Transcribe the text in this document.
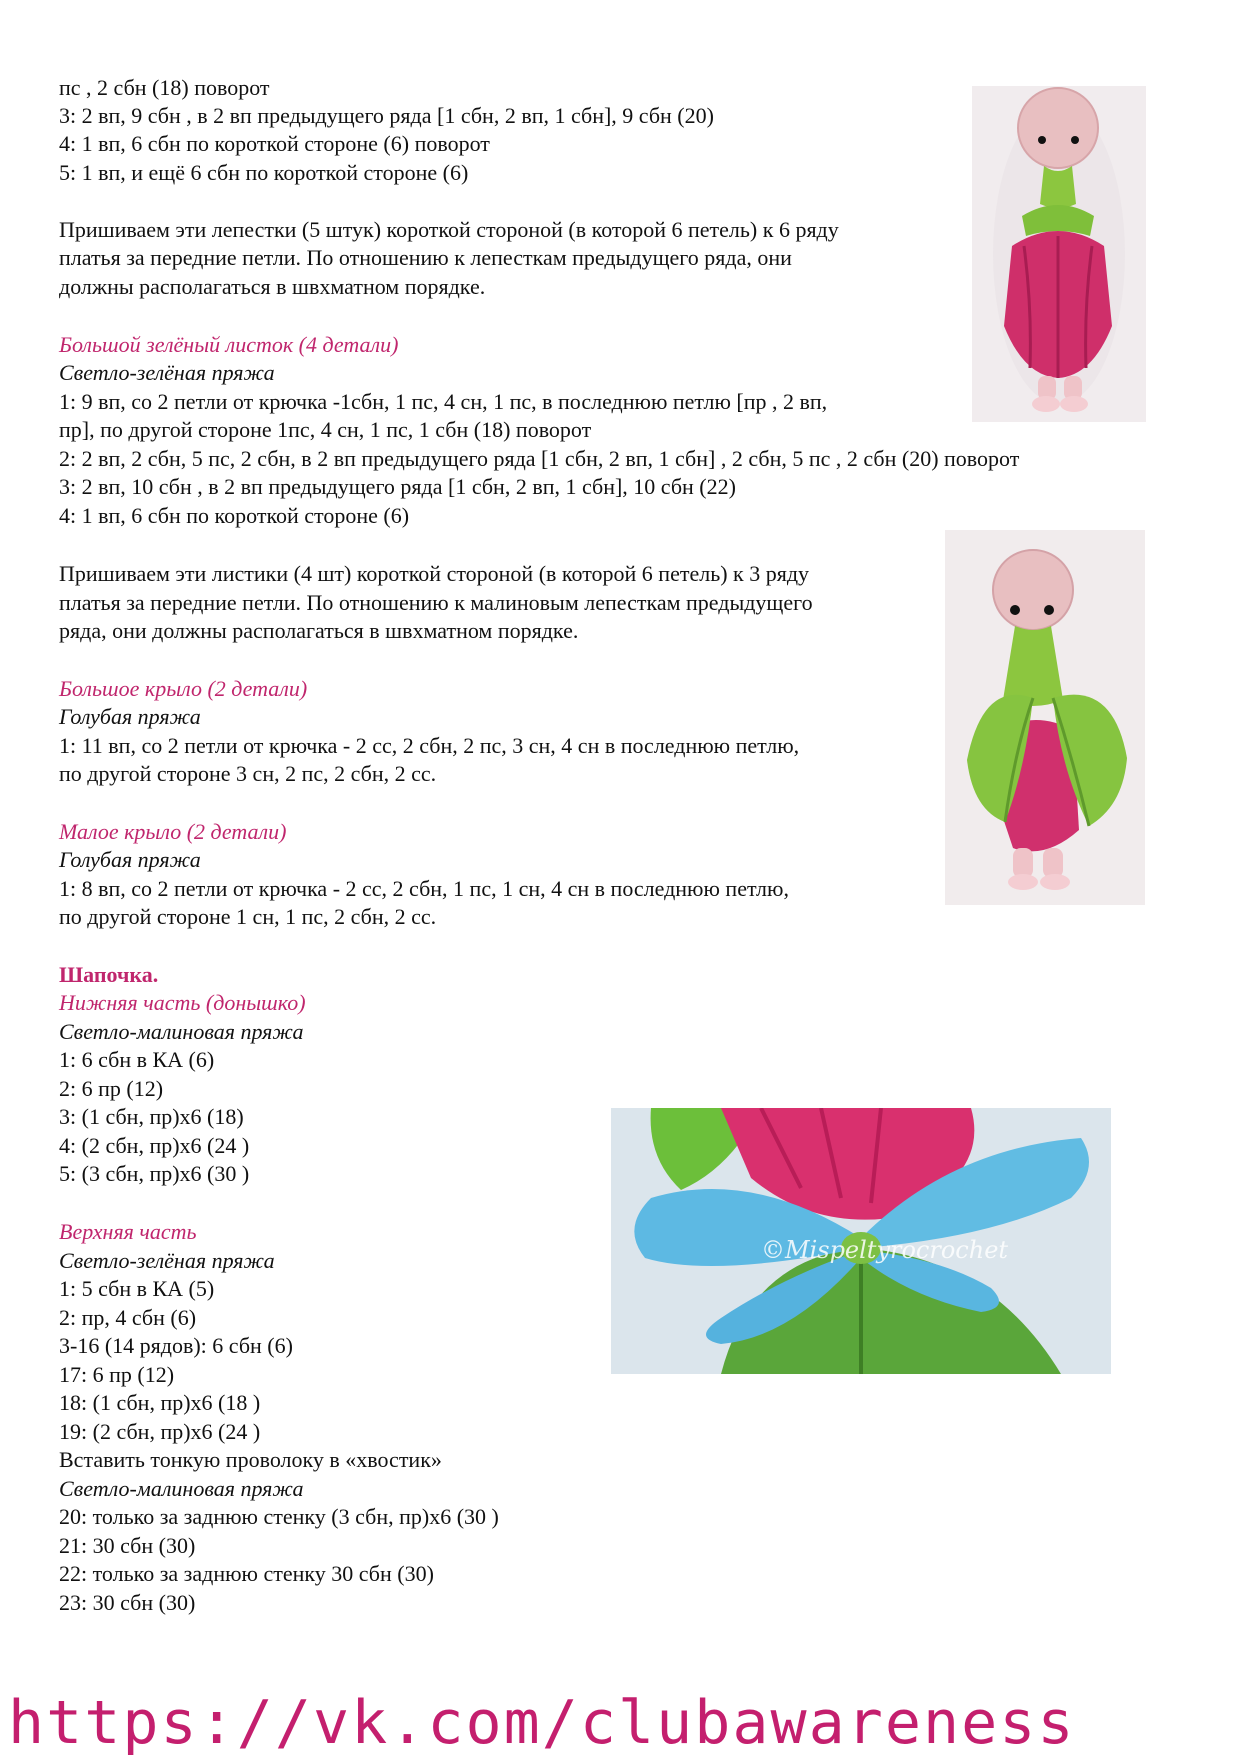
пс , 2 сбн (18) поворот
3: 2 вп, 9 сбн , в 2 вп предыдущего ряда [1 сбн, 2 вп, 1 сбн], 9 сбн (20)
4: 1 вп, 6 сбн по короткой стороне (6) поворот
5: 1 вп, и ещё 6 сбн по короткой стороне (6)
Пришиваем эти лепестки (5 штук) короткой стороной (в которой 6 петель) к 6 ряду
платья за передние петли. По отношению к лепесткам предыдущего ряда, они
должны располагаться в швхматном порядке.
Большой зелёный листок (4 детали)
Светло-зелёная пряжа
1: 9 вп, со 2 петли от крючка -1сбн, 1 пс, 4 сн, 1 пс, в последнюю петлю [пр , 2 вп,
пр], по другой стороне 1пс, 4 сн, 1 пс, 1 сбн (18) поворот
2: 2 вп, 2 сбн, 5 пс, 2 сбн, в 2 вп предыдущего ряда [1 сбн, 2 вп, 1 сбн] , 2 сбн, 5 пс , 2 сбн (20) поворот
3: 2 вп, 10 сбн , в 2 вп предыдущего ряда [1 сбн, 2 вп, 1 сбн], 10 сбн (22)
4: 1 вп, 6 сбн по короткой стороне (6)
Пришиваем эти листики (4 шт) короткой стороной (в которой 6 петель) к 3 ряду
платья за передние петли. По отношению к малиновым лепесткам предыдущего
ряда, они должны располагаться в швхматном порядке.
Большое крыло (2 детали)
Голубая пряжа
1: 11 вп, со 2 петли от крючка - 2 сс, 2 сбн, 2 пс, 3 сн, 4 сн в последнюю петлю,
по другой стороне 3 сн, 2 пс, 2 сбн, 2 сс.
Малое крыло (2 детали)
Голубая пряжа
1: 8 вп, со 2 петли от крючка - 2 сс, 2 сбн, 1 пс, 1 сн, 4 сн в последнюю петлю,
по другой стороне 1 сн, 1 пс, 2 сбн, 2 сс.
Шапочка.
Нижняя часть (донышко)
Светло-малиновая пряжа
1: 6 сбн в КА (6)
2: 6 пр (12)
3: (1 сбн, пр)х6 (18)
4: (2 сбн, пр)х6 (24 )
5: (3 сбн, пр)х6 (30 )
Верхняя часть
Светло-зелёная пряжа
1: 5 сбн в КА (5)
2: пр, 4 сбн (6)
3-16 (14 рядов): 6 сбн (6)
17: 6 пр (12)
18: (1 сбн, пр)х6 (18 )
19: (2 сбн, пр)х6 (24 )
Вставить тонкую проволоку в «хвостик»
Светло-малиновая пряжа
20: только за заднюю стенку (3 сбн, пр)х6 (30 )
21: 30 сбн (30)
22: только за заднюю стенку 30 сбн (30)
23: 30 сбн (30)
©Mispeltyrocrochet
https://vk.com/clubawareness
